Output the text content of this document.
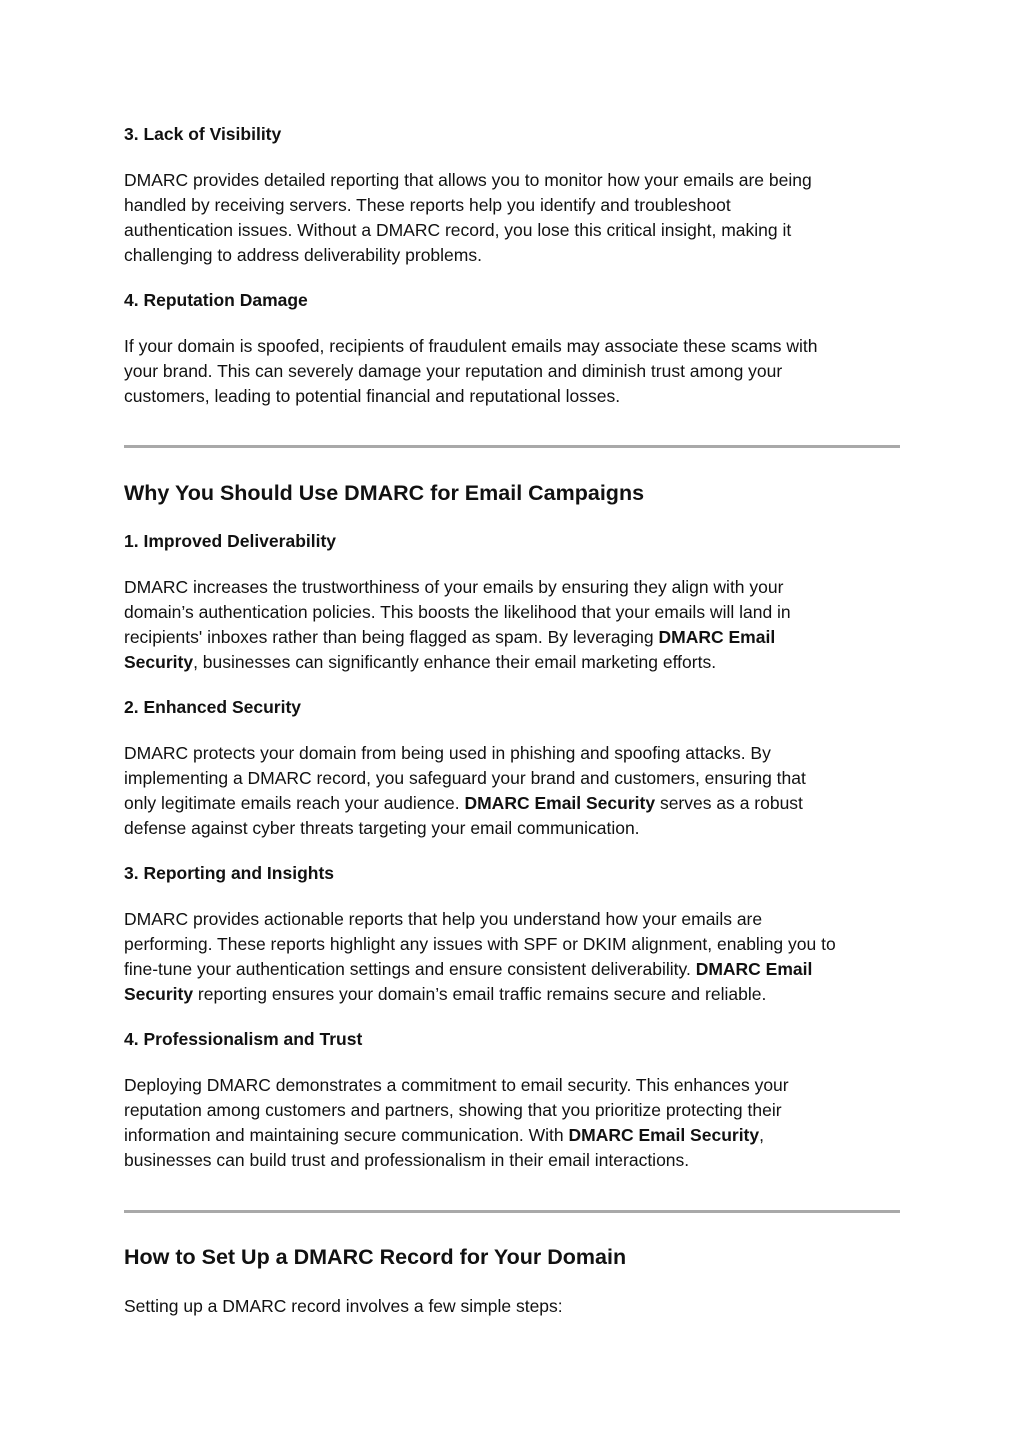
3. Lack of Visibility

DMARC provides detailed reporting that allows you to monitor how your emails are being

handled by receiving servers. These reports help you identify and troubleshoot

authentication issues. Without a DMARC record, you lose this critical insight, making it

challenging to address deliverability problems.

4. Reputation Damage

If your domain is spoofed, recipients of fraudulent emails may associate these scams with

your brand. This can severely damage your reputation and diminish trust among your

customers, leading to potential financial and reputational losses.

Why You Should Use DMARC for Email Campaigns

1. Improved Deliverability

DMARC increases the trustworthiness of your emails by ensuring they align with your

domain’s authentication policies. This boosts the likelihood that your emails will land in

recipients' inboxes rather than being flagged as spam. By leveraging DMARC Email

Security, businesses can significantly enhance their email marketing efforts.

2. Enhanced Security

DMARC protects your domain from being used in phishing and spoofing attacks. By

implementing a DMARC record, you safeguard your brand and customers, ensuring that

only legitimate emails reach your audience. DMARC Email Security serves as a robust

defense against cyber threats targeting your email communication.

3. Reporting and Insights

DMARC provides actionable reports that help you understand how your emails are

performing. These reports highlight any issues with SPF or DKIM alignment, enabling you to

fine-tune your authentication settings and ensure consistent deliverability. DMARC Email

Security reporting ensures your domain’s email traffic remains secure and reliable.

4. Professionalism and Trust

Deploying DMARC demonstrates a commitment to email security. This enhances your

reputation among customers and partners, showing that you prioritize protecting their

information and maintaining secure communication. With DMARC Email Security,

businesses can build trust and professionalism in their email interactions.

How to Set Up a DMARC Record for Your Domain

Setting up a DMARC record involves a few simple steps:
